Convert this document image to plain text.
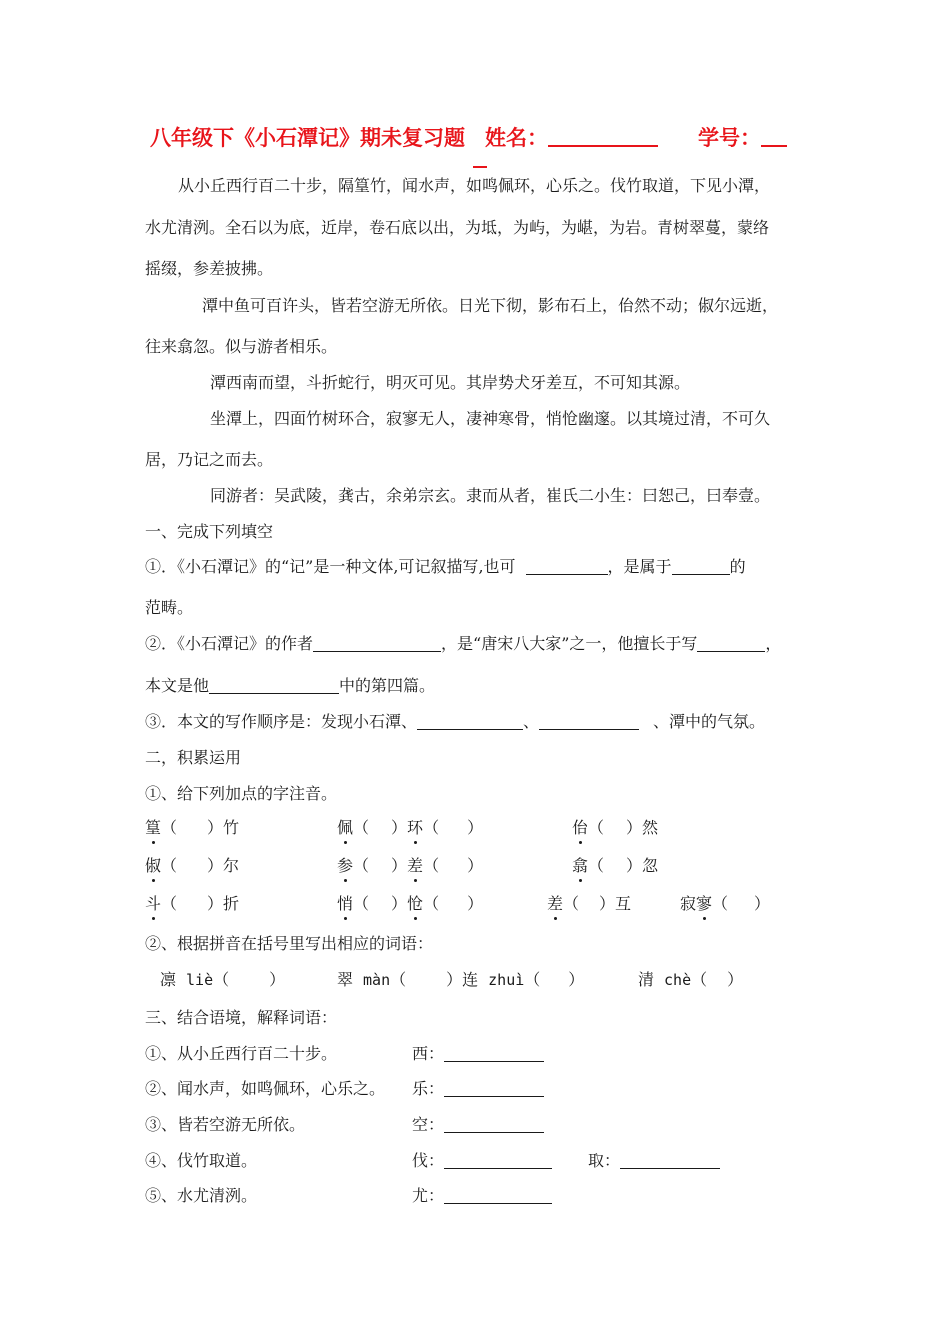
八年级下《小石潭记》期未复习题 姓名：	学号：
从小丘西行百二十步，隔篁竹，闻水声，如鸣佩环，心乐之。伐竹取道，下见小潭，
水尤清洌。全石以为底，近岸，卷石底以出，为坻，为屿，为嵁，为岩。青树翠蔓，蒙络
摇缀，参差披拂。
潭中鱼可百许头，皆若空游无所依。日光下彻，影布石上，佁然不动；俶尔远逝，
往来翕忽。似与游者相乐。
潭西南而望，斗折蛇行，明灭可见。其岸势犬牙差互，不可知其源。
坐潭上，四面竹树环合，寂寥无人，凄神寒骨，悄怆幽邃。以其境过清，不可久
居，乃记之而去。
同游者：吴武陵，龚古，余弟宗玄。隶而从者，崔氏二小生：曰恕己，曰奉壹。
一、完成下列填空
①．《小石潭记》的“记”是一种文体,可记叙描写,也可	，是属于	的
范畴。
②．《小石潭记》的作者	，是“唐宋八大家”之一，他擅长于写	，
本文是他	中的第四篇。
③．本文的写作顺序是：发现小石潭、	、	、潭中的气氛。
二，积累运用
①、给下列加点的字注音。
篁（ ）竹	佩（ ）环（ ）	佁（ ）然
俶（ ）尔	参（ ）差（ ）	翕（ ）忽
斗（ ）折	悄（ ）怆（ ）	差（ ）互	寂寥（ ）
②、根据拼音在括号里写出相应的词语：
凛 liè（	）	翠 màn（	）连 zhuì（ ）	清 chè（ ）
三、结合语境，解释词语：
①、从小丘西行百二十步。	西：
②、闻水声，如鸣佩环，心乐之。 乐：
③、皆若空游无所依。	空：
④、伐竹取道。	伐：	取：
⑤、水尤清洌。	尤：
